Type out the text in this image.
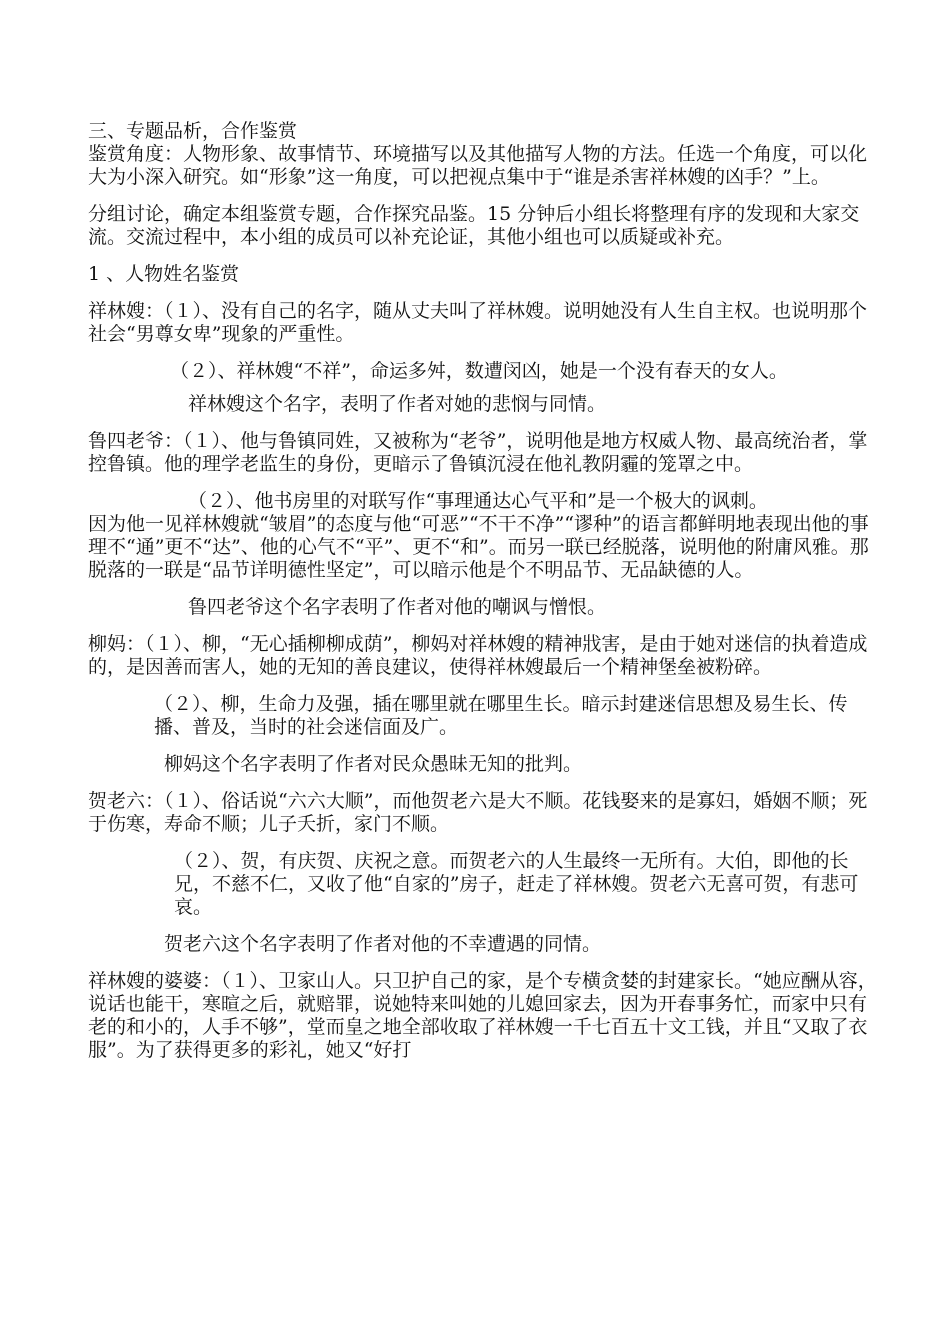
三、专题品析，合作鉴赏

鉴赏角度：人物形象、故事情节、环境描写以及其他描写人物的方法。任选一个角度，可以化大为小深入研究。如“形象”这一角度，可以把视点集中于“谁是杀害祥林嫂的凶手？”上。

分组讨论，确定本组鉴赏专题，合作探究品鉴。15 分钟后小组长将整理有序的发现和大家交流。交流过程中，本小组的成员可以补充论证，其他小组也可以质疑或补充。

1 、人物姓名鉴赏

祥林嫂：（１）、没有自己的名字，随从丈夫叫了祥林嫂。说明她没有人生自主权。也说明那个社会“男尊女卑”现象的严重性。

（２）、祥林嫂“不祥”，命运多舛，数遭闵凶，她是一个没有春天的女人。

祥林嫂这个名字，表明了作者对她的悲悯与同情。

鲁四老爷：（１）、他与鲁镇同姓，又被称为“老爷”，说明他是地方权威人物、最高统治者，掌控鲁镇。他的理学老监生的身份，更暗示了鲁镇沉浸在他礼教阴霾的笼罩之中。

（２）、他书房里的对联写作“事理通达心气平和”是一个极大的讽刺。

因为他一见祥林嫂就“皱眉”的态度与他“可恶”“不干不净”“谬种”的语言都鲜明地表现出他的事理不“通”更不“达”、他的心气不“平”、更不“和”。而另一联已经脱落，说明他的附庸风雅。那脱落的一联是“品节详明德性坚定”，可以暗示他是个不明品节、无品缺德的人。

鲁四老爷这个名字表明了作者对他的嘲讽与憎恨。

柳妈：（１）、柳，“无心插柳柳成荫”，柳妈对祥林嫂的精神戕害，是由于她对迷信的执着造成的，是因善而害人，她的无知的善良建议，使得祥林嫂最后一个精神堡垒被粉碎。

（２）、柳，生命力及强，插在哪里就在哪里生长。暗示封建迷信思想及易生长、传播、普及，当时的社会迷信面及广。

柳妈这个名字表明了作者对民众愚昧无知的批判。

贺老六：（１）、俗话说“六六大顺”，而他贺老六是大不顺。花钱娶来的是寡妇，婚姻不顺；死于伤寒，寿命不顺；儿子夭折，家门不顺。

（２）、贺，有庆贺、庆祝之意。而贺老六的人生最终一无所有。大伯，即他的长兄，不慈不仁，又收了他“自家的”房子，赶走了祥林嫂。贺老六无喜可贺，有悲可哀。

贺老六这个名字表明了作者对他的不幸遭遇的同情。

祥林嫂的婆婆：（１）、卫家山人。只卫护自己的家，是个专横贪婪的封建家长。“她应酬从容，说话也能干，寒暄之后，就赔罪，说她特来叫她的儿媳回家去，因为开春事务忙，而家中只有老的和小的，人手不够”，堂而皇之地全部收取了祥林嫂一千七百五十文工钱，并且“又取了衣服”。为了获得更多的彩礼，她又“好打
